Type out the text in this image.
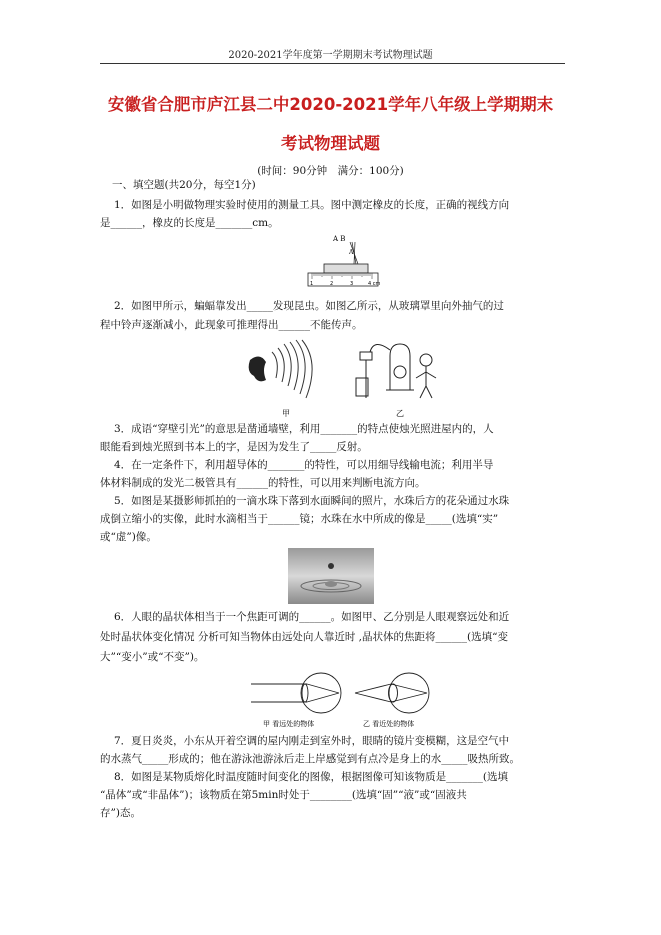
2020-2021学年度第一学期期末考试物理试题
安徽省合肥市庐江县二中2020-2021学年八年级上学期期末
考试物理试题
(时间：90分钟　满分：100分)
一、填空题(共20分，每空1分)
1．如图是小明做物理实验时使用的测量工具。图中测定橡皮的长度，正确的视线方向
是______，橡皮的长度是_______cm。
A B
A
1	2	3	4 cm
2．如图甲所示，蝙蝠靠发出_____发现昆虫。如图乙所示，从玻璃罩里向外抽气的过
程中铃声逐渐减小，此现象可推理得出______不能传声。
甲	乙
3．成语“穿壁引光”的意思是凿通墙壁，利用_______的特点使烛光照进屋内的，人
眼能看到烛光照到书本上的字，是因为发生了_____反射。
4．在一定条件下，利用超导体的_______的特性，可以用细导线输电流；利用半导
体材料制成的发光二极管具有______的特性，可以用来判断电流方向。
5．如图是某摄影师抓拍的一滴水珠下落到水面瞬间的照片，水珠后方的花朵通过水珠
成倒立缩小的实像，此时水滴相当于______镜；水珠在水中所成的像是_____(选填“实”
或“虚”)像。
6．人眼的晶状体相当于一个焦距可调的______。如图甲、乙分别是人眼观察远处和近
处时晶状体变化情况 分析可知当物体由远处向人靠近时 ,晶状体的焦距将______(选填“变
大”“变小”或“不变”)。
甲 看远处的物体	乙 看近处的物体
7．夏日炎炎，小东从开着空调的屋内刚走到室外时，眼睛的镜片变模糊，这是空气中
的水蒸气_____形成的；他在游泳池游泳后走上岸感觉到有点冷是身上的水_____吸热所致。
8．如图是某物质熔化时温度随时间变化的图像，根据图像可知该物质是_______(选填
“晶体”或“非晶体”)；该物质在第5min时处于________(选填“固”“液”或“固液共
存”)态。
